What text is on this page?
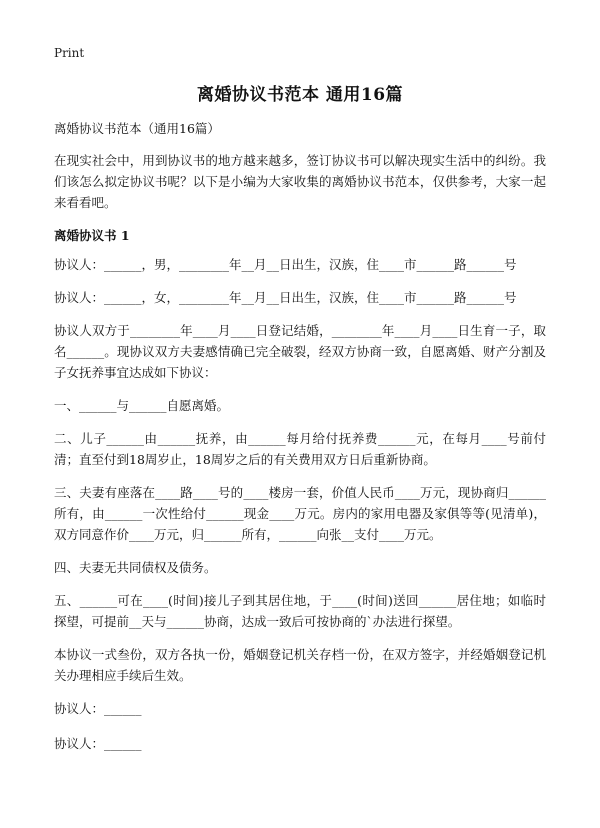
Print
离婚协议书范本 通用16篇

离婚协议书范本（通用16篇）

在现实社会中，用到协议书的地方越来越多，签订协议书可以解决现实生活中的纠纷。我们该怎么拟定协议书呢？以下是小编为大家收集的离婚协议书范本，仅供参考，大家一起来看看吧。

离婚协议书 1

协议人：______，男，________年__月__日出生，汉族，住____市______路______号

协议人：______，女，________年__月__日出生，汉族，住____市______路______号

协议人双方于________年____月____日登记结婚，________年____月____日生育一子，取名______。现协议双方夫妻感情确已完全破裂，经双方协商一致，自愿离婚、财产分割及子女抚养事宜达成如下协议：

一、______与______自愿离婚。

二、儿子______由______抚养，由______每月给付抚养费______元，在每月____号前付清；直至付到18周岁止，18周岁之后的有关费用双方日后重新协商。

三、夫妻有座落在____路____号的____楼房一套，价值人民币____万元，现协商归______所有，由______一次性给付______现金____万元。房内的家用电器及家俱等等(见清单)，双方同意作价____万元，归______所有，______向张__支付____万元。

四、夫妻无共同债权及债务。

五、______可在____(时间)接儿子到其居住地，于____(时间)送回______居住地；如临时探望，可提前__天与______协商，达成一致后可按协商的`办法进行探望。

本协议一式叁份，双方各执一份，婚姻登记机关存档一份，在双方签字，并经婚姻登记机关办理相应手续后生效。

协议人：______

协议人：______
